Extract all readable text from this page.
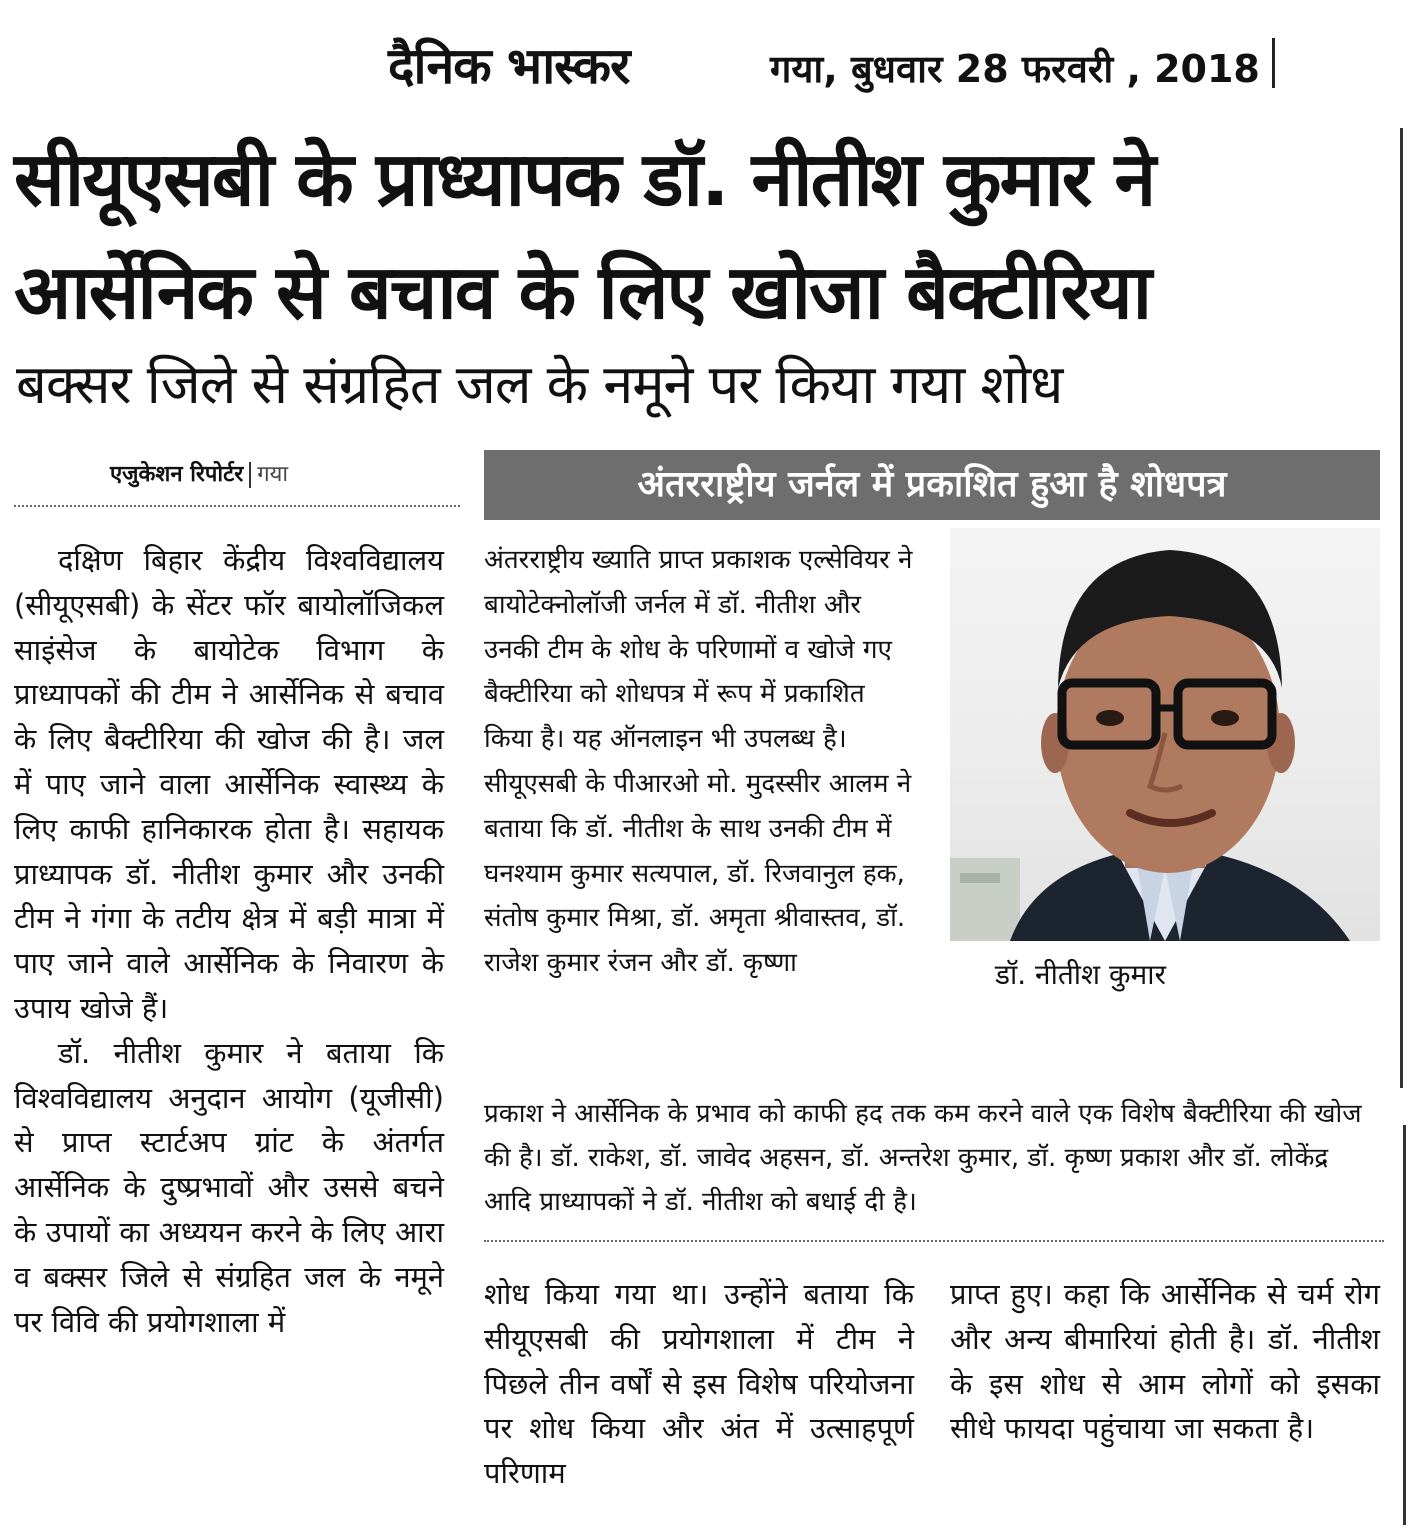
दैनिक भास्कर	गया, बुधवार 28 फरवरी , 2018
सीयूएसबी के प्राध्यापक डॉ. नीतीश कुमार ने
आर्सेनिक से बचाव के लिए खोजा बैक्टीरिया
बक्सर जिले से संग्रहित जल के नमूने पर किया गया शोध
एजुकेशन रिपोर्टर गया	अंतरराष्ट्रीय जर्नल में प्रकाशित हुआ है शोधपत्र

दक्षिण बिहार केंद्रीय विश्वविद्यालय (सीयूएसबी) के सेंटर फॉर बायोलॉजिकल साइंसेज के बायोटेक विभाग के प्राध्यापकों की टीम ने आर्सेनिक से बचाव के लिए बैक्टीरिया की खोज की है। जल में पाए जाने वाला आर्सेनिक स्वास्थ्य के लिए काफी हानिकारक होता है। सहायक प्राध्यापक डॉ. नीतीश कुमार और उनकी टीम ने गंगा के तटीय क्षेत्र में बड़ी मात्रा में पाए जाने वाले आर्सेनिक के निवारण के उपाय खोजे हैं।

डॉ. नीतीश कुमार ने बताया कि विश्वविद्यालय अनुदान आयोग (यूजीसी) से प्राप्त स्टार्टअप ग्रांट के अंतर्गत आर्सेनिक के दुष्प्रभावों और उससे बचने के उपायों का अध्ययन करने के लिए आरा व बक्सर जिले से संग्रहित जल के नमूने पर विवि की प्रयोगशाला में

अंतरराष्ट्रीय ख्याति प्राप्त प्रकाशक एल्सेवियर ने बायोटेक्नोलॉजी जर्नल में डॉ. नीतीश और उनकी टीम के शोध के परिणामों व खोजे गए बैक्टीरिया को शोधपत्र में रूप में प्रकाशित किया है। यह ऑनलाइन भी उपलब्ध है। सीयूएसबी के पीआरओ मो. मुदस्सीर आलम ने बताया कि डॉ. नीतीश के साथ उनकी टीम में घनश्याम कुमार सत्यपाल, डॉ. रिजवानुल हक, संतोष कुमार मिश्रा, डॉ. अमृता श्रीवास्तव, डॉ. राजेश कुमार रंजन और डॉ. कृष्णा	डॉ. नीतीश कुमार

प्रकाश ने आर्सेनिक के प्रभाव को काफी हद तक कम करने वाले एक विशेष बैक्टीरिया की खोज की है। डॉ. राकेश, डॉ. जावेद अहसन, डॉ. अन्तरेश कुमार, डॉ. कृष्ण प्रकाश और डॉ. लोकेंद्र आदि प्राध्यापकों ने डॉ. नीतीश को बधाई दी है।

शोध किया गया था। उन्होंने बताया कि सीयूएसबी की प्रयोगशाला में टीम ने पिछले तीन वर्षों से इस विशेष परियोजना पर शोध किया और अंत में उत्साहपूर्ण परिणाम

प्राप्त हुए। कहा कि आर्सेनिक से चर्म रोग और अन्य बीमारियां होती है। डॉ. नीतीश के इस शोध से आम लोगों को इसका सीधे फायदा पहुंचाया जा सकता है।
